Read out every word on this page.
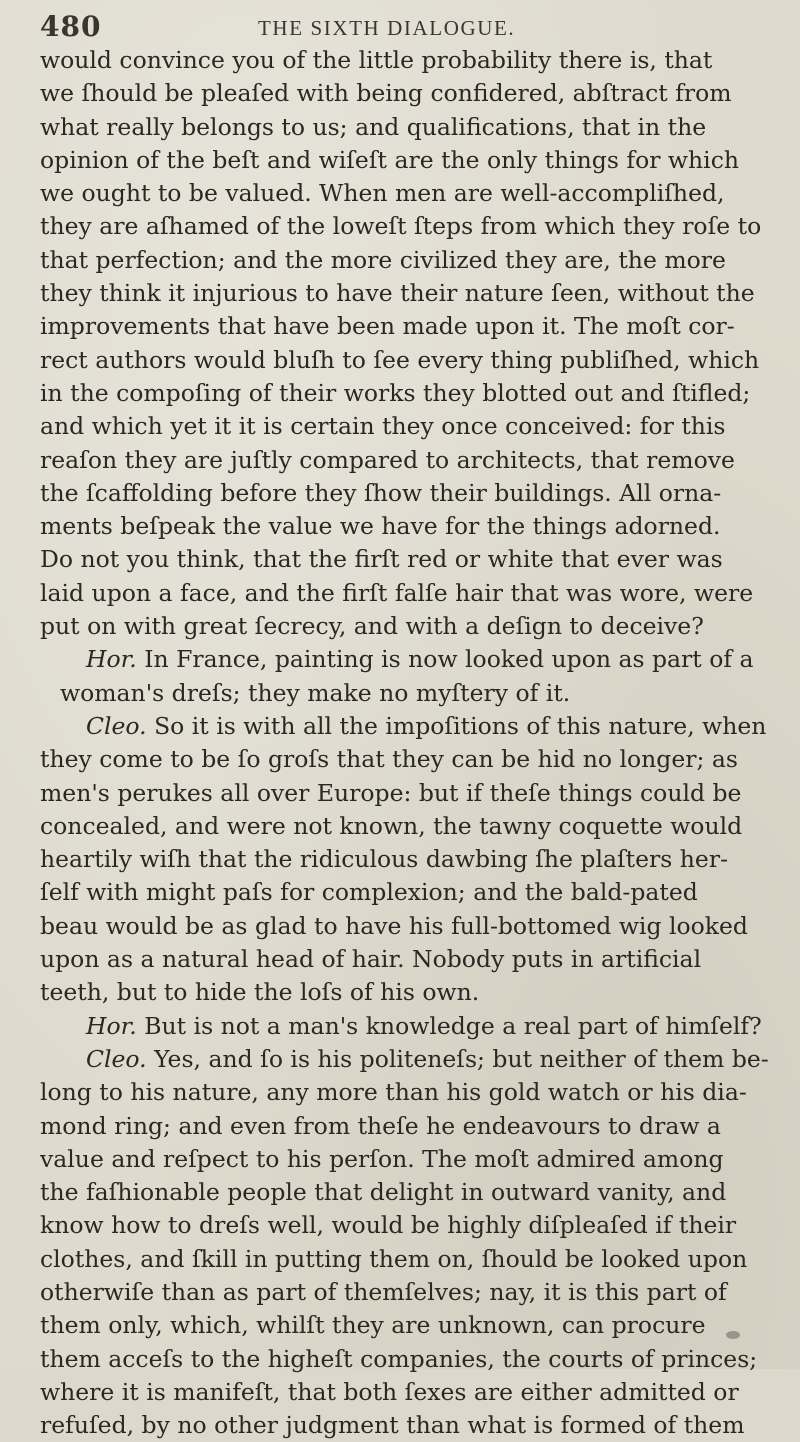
480	THE SIXTH DIALOGUE.
would convince you of the little probability there is, that
we ſhould be pleaſed with being confidered, abſtract from
what really belongs to us; and qualifications, that in the
opinion of the beſt and wiſeſt are the only things for which
we ought to be valued. When men are well-accompliſhed,
they are aſhamed of the loweſt ſteps from which they roſe to
that perfection; and the more civilized they are, the more
they think it injurious to have their nature ſeen, without the
improvements that have been made upon it. The moſt cor-
rect authors would bluſh to ſee every thing publiſhed, which
in the compoſing of their works they blotted out and ſtifled;
and which yet it it is certain they once conceived: for this
reaſon they are juſtly compared to architects, that remove
the ſcaffolding before they ſhow their buildings. All orna-
ments beſpeak the value we have for the things adorned.
Do not you think, that the firſt red or white that ever was
laid upon a face, and the firſt falſe hair that was wore, were
put on with great ſecrecy, and with a deſign to deceive?
Hor. In France, painting is now looked upon as part of a
woman's dreſs; they make no myſtery of it.
Cleo. So it is with all the impoſitions of this nature, when
they come to be ſo groſs that they can be hid no longer; as
men's perukes all over Europe: but if theſe things could be
concealed, and were not known, the tawny coquette would
heartily wiſh that the ridiculous dawbing ſhe plaſters her-
ſelf with might paſs for complexion; and the bald-pated
beau would be as glad to have his full-bottomed wig looked
upon as a natural head of hair. Nobody puts in artificial
teeth, but to hide the loſs of his own.
Hor. But is not a man's knowledge a real part of himſelf?
Cleo. Yes, and ſo is his politeneſs; but neither of them be-
long to his nature, any more than his gold watch or his dia-
mond ring; and even from theſe he endeavours to draw a
value and reſpect to his perſon. The moſt admired among
the faſhionable people that delight in outward vanity, and
know how to dreſs well, would be highly diſpleaſed if their
clothes, and ſkill in putting them on, ſhould be looked upon
otherwiſe than as part of themſelves; nay, it is this part of
them only, which, whilſt they are unknown, can procure
them acceſs to the higheſt companies, the courts of princes;
where it is manifeſt, that both ſexes are either admitted or
refuſed, by no other judgment than what is formed of them
